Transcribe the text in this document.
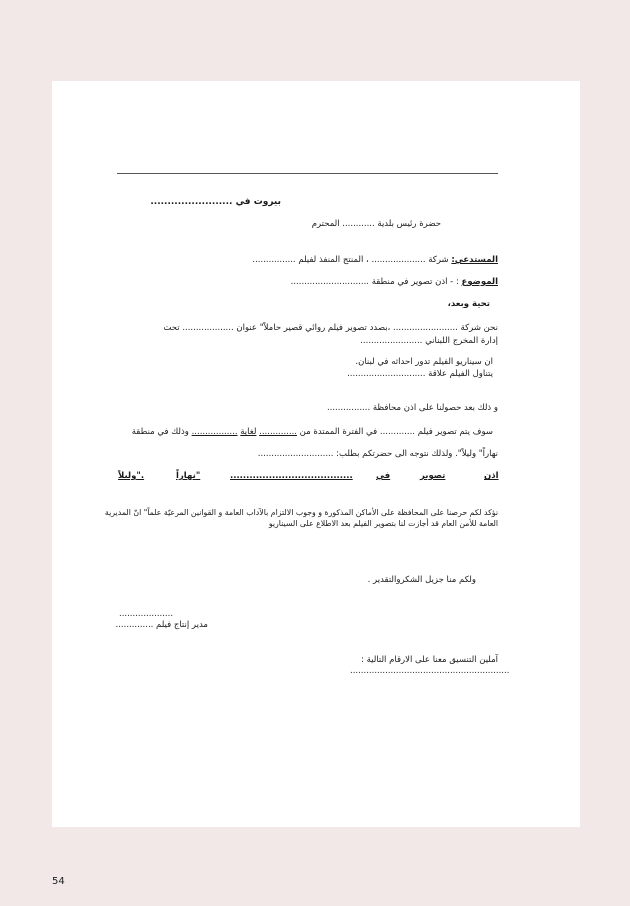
بيروت في ........................
حضرة رئيس بلدية ............ المحترم
المستدعي: شركة .................... ، المنتج المنفذ لفيلم ................
الموضوع : - اذن تصوير في منطقة .............................
تحية وبعد،
نحن شركة ........................ ،بصدد تصوير فيلم روائي قصير حاملاً" عنوان ................... تحت
إدارة المخرج اللبناني .......................
ان سيناريو الفيلم تدور احداثه في لبنان.
يتناول الفيلم علاقة .............................
و ذلك بعد حصولنا على اذن محافظة ................
سوف يتم تصوير فيلم ............. في الفترة الممتدة من .............. لغاية ................. وذلك في منطقة
نهاراً" وليلاً". ولذلك نتوجه الى حضرتكم بطلب: ............................
اذن
تصوير
في
......................................
نهاراً"
وليلاً".
نؤكد لكم حرصنا على المحافظة على الأماكن المذكورة و وجوب الالتزام بالآداب العامة و القوانين المرعيّة علماً" انّ المديرية
العامة للأمن العام قد أجازت لنا بتصوير الفيلم بعد الاطلاع على السيناريو
ولكم منا جزيل الشكروالتقدير .
....................
مدير إنتاج فيلم ..............
آملين التنسيق معنا على الارقام التالية :
...........................................................
54
